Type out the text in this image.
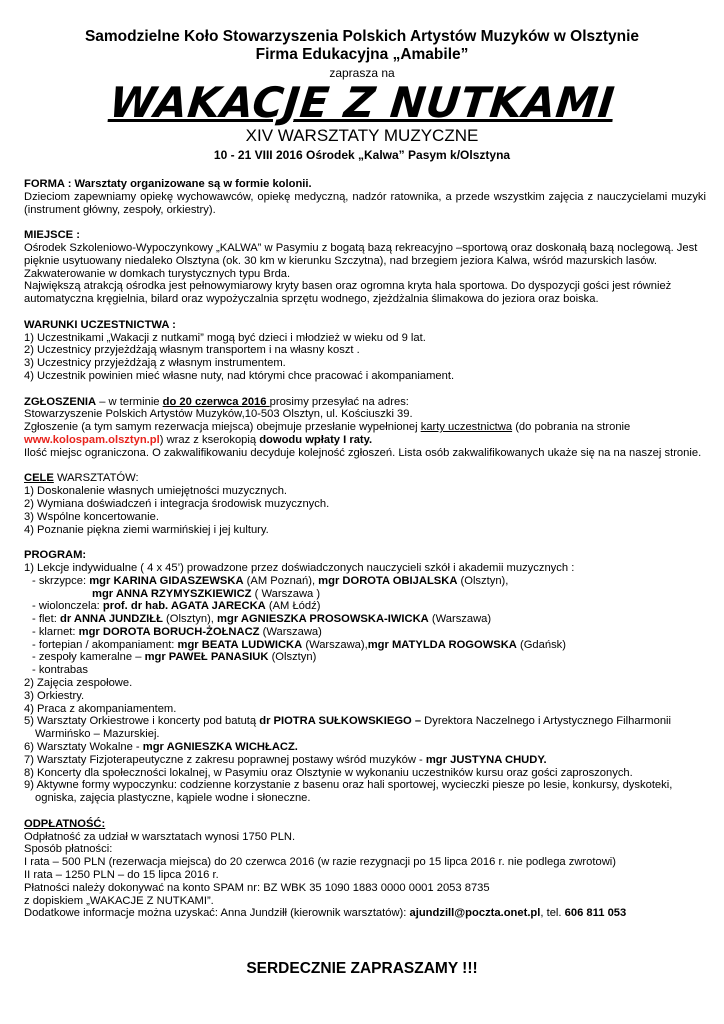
Samodzielne Koło Stowarzyszenia Polskich Artystów Muzyków w Olsztynie
Firma Edukacyjna „Amabile”
zaprasza na
WAKACJE Z NUTKAMI
XIV WARSZTATY MUZYCZNE
10 - 21 VIII 2016 Ośrodek „Kalwa” Pasym k/Olsztyna

FORMA : Warsztaty organizowane są w formie kolonii.

Dzieciom zapewniamy opiekę wychowawców, opiekę medyczną, nadzór ratownika, a przede wszystkim zajęcia z nauczycielami muzyki (instrument główny, zespoły, orkiestry).

MIEJSCE :

Ośrodek Szkoleniowo-Wypoczynkowy „KALWA” w Pasymiu z bogatą bazą rekreacyjno –sportową oraz doskonałą bazą noclegową. Jest pięknie usytuowany niedaleko Olsztyna (ok. 30 km w kierunku Szczytna), nad brzegiem jeziora Kalwa, wśród mazurskich lasów.

Zakwaterowanie w domkach turystycznych typu Brda.

Największą atrakcją ośrodka jest pełnowymiarowy kryty basen oraz ogromna kryta hala sportowa. Do dyspozycji gości jest również automatyczna kręgielnia, bilard oraz wypożyczalnia sprzętu wodnego, zjeżdżalnia ślimakowa do jeziora oraz boiska.

WARUNKI UCZESTNICTWA :

1) Uczestnikami „Wakacji z nutkami” mogą być dzieci i młodzież w wieku od 9 lat.

2) Uczestnicy przyjeżdżają własnym transportem i na własny koszt .

3) Uczestnicy przyjeżdżają z własnym instrumentem.

4) Uczestnik powinien mieć własne nuty, nad którymi chce pracować i akompaniament.

ZGŁOSZENIA – w terminie do 20 czerwca 2016 prosimy przesyłać na adres:

Stowarzyszenie Polskich Artystów Muzyków,10-503 Olsztyn, ul. Kościuszki 39.

Zgłoszenie (a tym samym rezerwacja miejsca) obejmuje przesłanie wypełnionej karty uczestnictwa (do pobrania na stronie

www.kolospam.olsztyn.pl) wraz z kserokopią dowodu wpłaty I raty.

Ilość miejsc ograniczona. O zakwalifikowaniu decyduje kolejność zgłoszeń. Lista osób zakwalifikowanych ukaże się na na naszej stronie.

CELE WARSZTATÓW:

1) Doskonalenie własnych umiejętności muzycznych.

2) Wymiana doświadczeń i integracja środowisk muzycznych.

3) Wspólne koncertowanie.

4) Poznanie piękna ziemi warmińskiej i jej kultury.

PROGRAM:

1) Lekcje indywidualne ( 4 x 45’) prowadzone przez doświadczonych nauczycieli szkół i akademii muzycznych :

- skrzypce: mgr KARINA GIDASZEWSKA (AM Poznań), mgr DOROTA OBIJALSKA (Olsztyn),

mgr ANNA RZYMYSZKIEWICZ ( Warszawa )

- wiolonczela: prof. dr hab. AGATA JARECKA (AM Łódź)

- flet: dr ANNA JUNDZIŁŁ (Olsztyn), mgr AGNIESZKA PROSOWSKA-IWICKA (Warszawa)

- klarnet: mgr DOROTA BORUCH-ŻOŁNACZ (Warszawa)

- fortepian / akompaniament: mgr BEATA LUDWICKA (Warszawa),mgr MATYLDA ROGOWSKA (Gdańsk)

- zespoły kameralne – mgr PAWEŁ PANASIUK (Olsztyn)

- kontrabas

2) Zajęcia zespołowe.

3) Orkiestry.

4) Praca z akompaniamentem.

5) Warsztaty Orkiestrowe i koncerty pod batutą dr PIOTRA SUŁKOWSKIEGO – Dyrektora Naczelnego i Artystycznego Filharmonii Warmińsko – Mazurskiej.

6) Warsztaty Wokalne - mgr AGNIESZKA WICHŁACZ.

7) Warsztaty Fizjoterapeutyczne z zakresu poprawnej postawy wśród muzyków - mgr JUSTYNA CHUDY.

8) Koncerty dla społeczności lokalnej, w Pasymiu oraz Olsztynie w wykonaniu uczestników kursu oraz gości zaproszonych.

9) Aktywne formy wypoczynku: codzienne korzystanie z basenu oraz hali sportowej, wycieczki piesze po lesie, konkursy, dyskoteki, ogniska, zajęcia plastyczne, kąpiele wodne i słoneczne.

ODPŁATNOŚĆ:

Odpłatność za udział w warsztatach wynosi 1750 PLN.

Sposób płatności:

I rata – 500 PLN (rezerwacja miejsca) do 20 czerwca 2016 (w razie rezygnacji po 15 lipca 2016 r. nie podlega zwrotowi)

II rata – 1250 PLN – do 15 lipca 2016 r.

Płatności należy dokonywać na konto SPAM nr: BZ WBK 35 1090 1883 0000 0001 2053 8735

z dopiskiem „WAKACJE Z NUTKAMI”.

Dodatkowe informacje można uzyskać: Anna Jundziłł (kierownik warsztatów): ajundzill@poczta.onet.pl, tel. 606 811 053

SERDECZNIE ZAPRASZAMY !!!
